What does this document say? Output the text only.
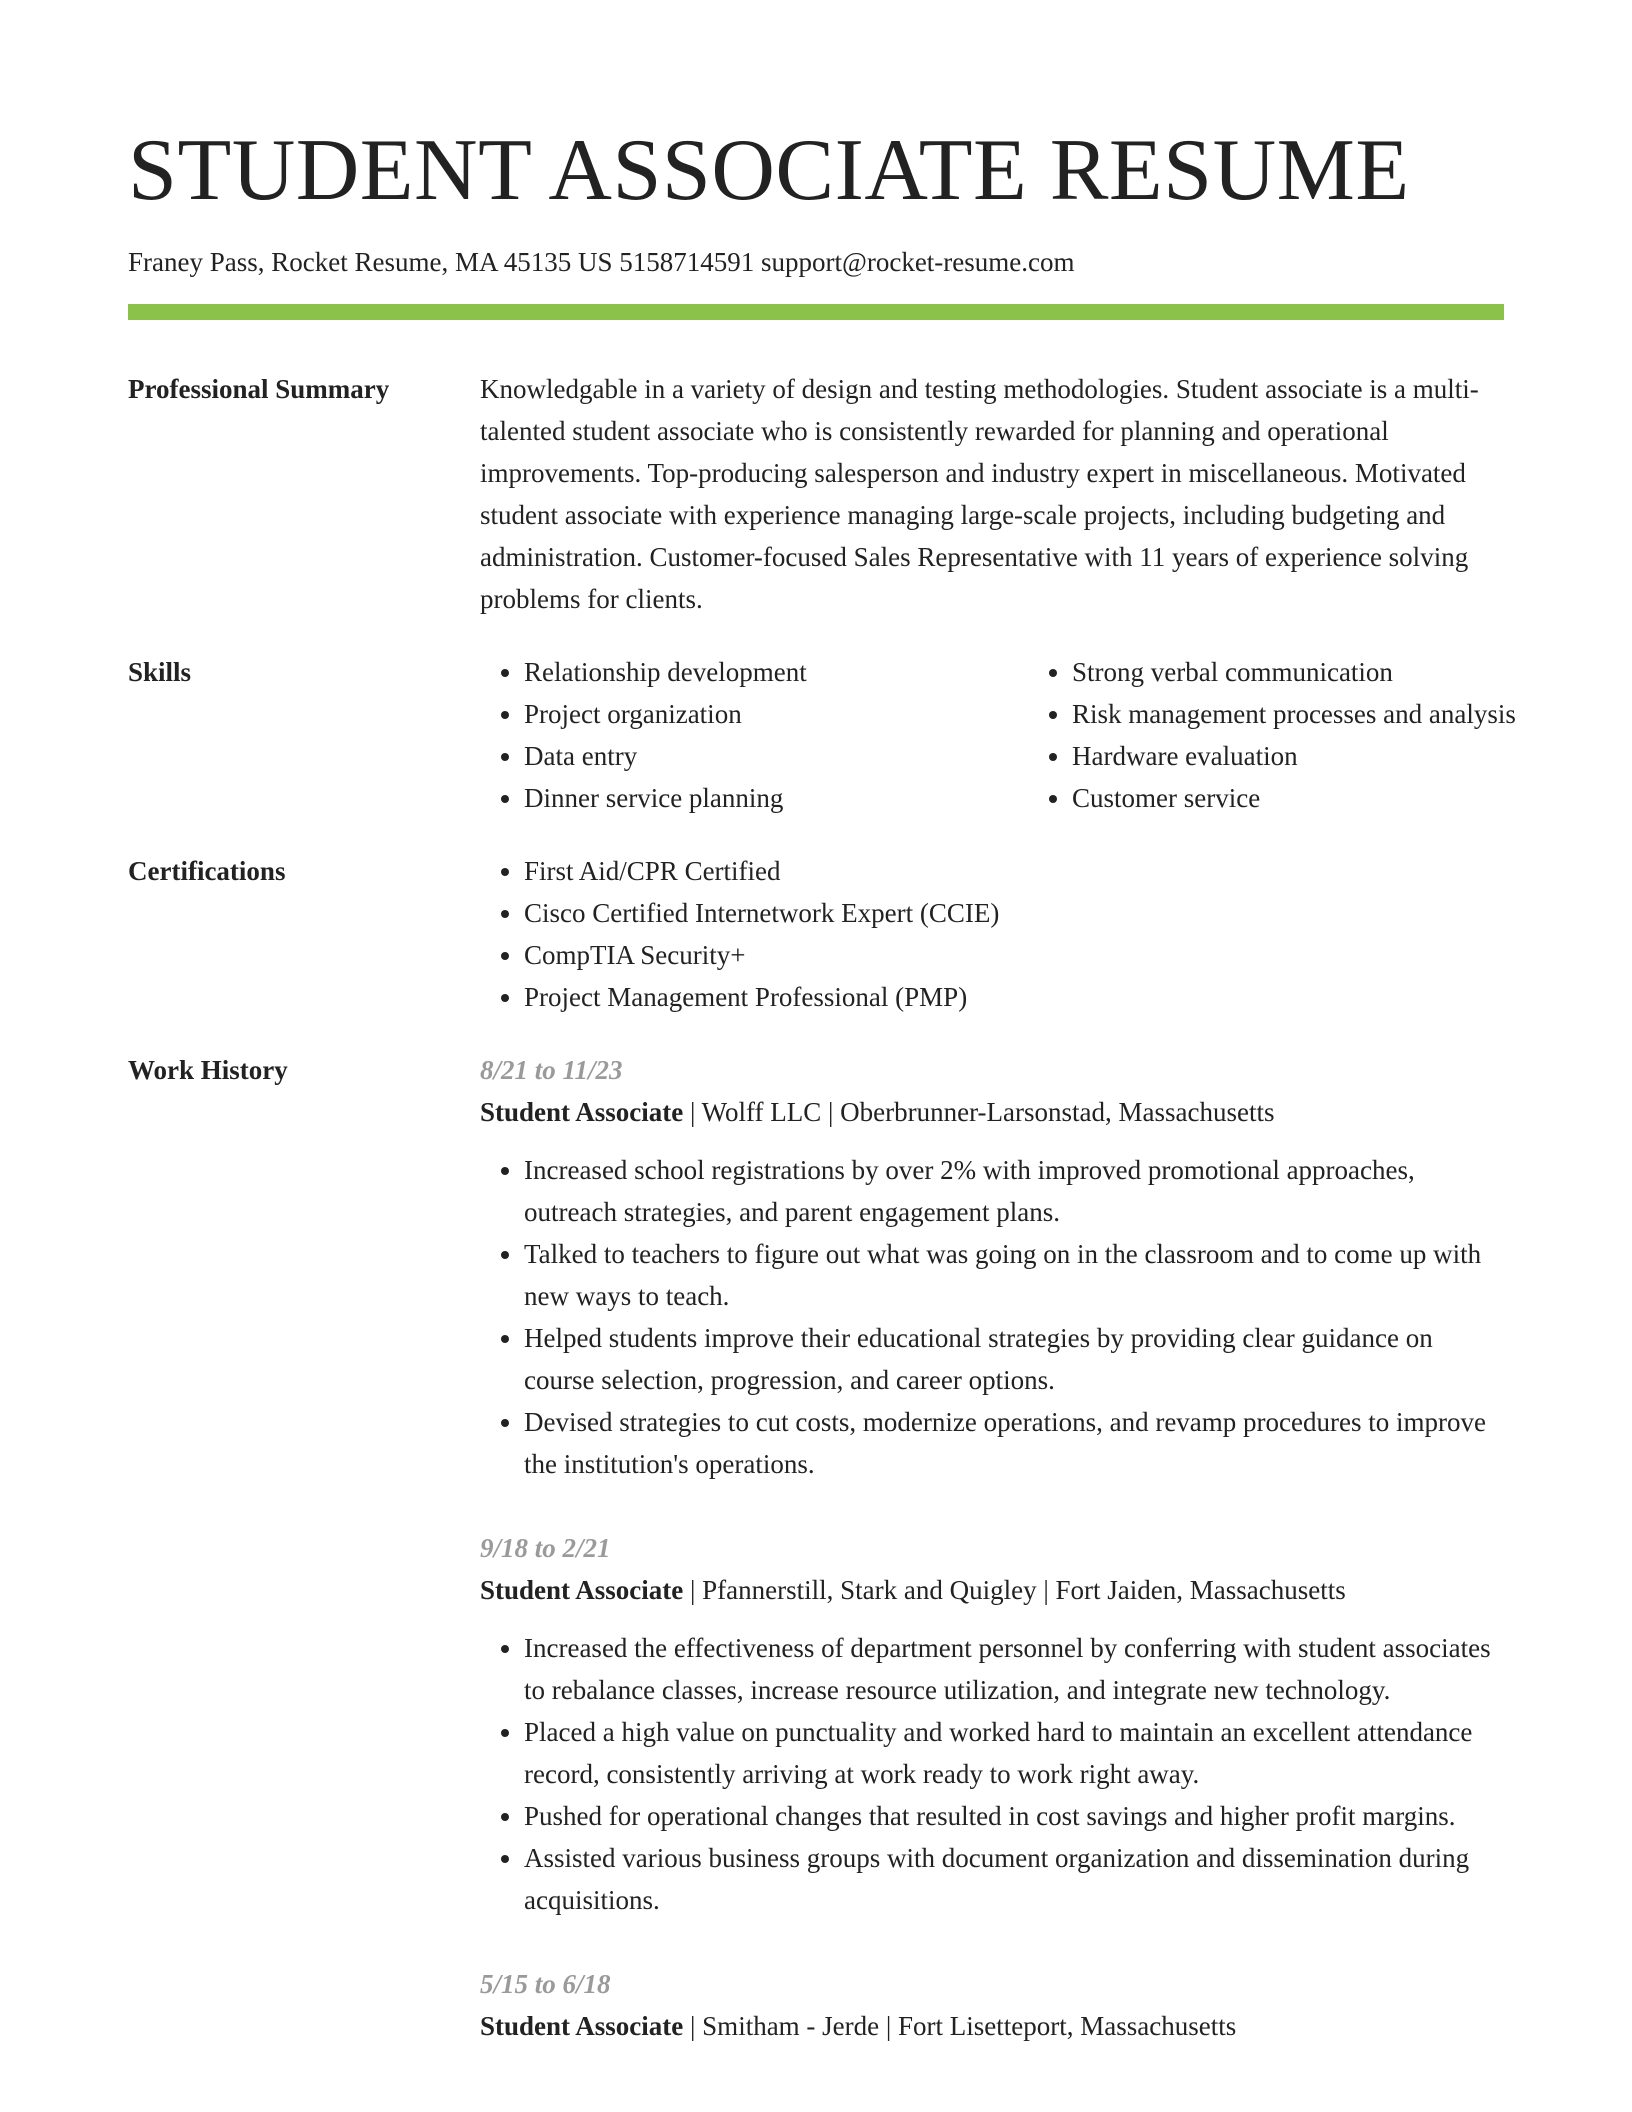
STUDENT ASSOCIATE RESUME
Franey Pass, Rocket Resume, MA 45135 US 5158714591 support@rocket-resume.com
Professional Summary	Knowledgable in a variety of design and testing methodologies. Student associate is a multi-talented student associate who is consistently rewarded for planning and operational improvements. Top-producing salesperson and industry expert in miscellaneous. Motivated student associate with experience managing large-scale projects, including budgeting and administration. Customer-focused Sales Representative with 11 years of experience solving problems for clients.

Skills	• Relationship development
• Project organization
• Data entry
• Dinner service planning
• Strong verbal communication
• Risk management processes and analysis
• Hardware evaluation
• Customer service
Certifications	• First Aid/CPR Certified
• Cisco Certified Internetwork Expert (CCIE)
• CompTIA Security+
• Project Management Professional (PMP)
Work History	8/21 to 11/23
Student Associate | Wolff LLC | Oberbrunner-Larsonstad, Massachusetts
• Increased school registrations by over 2% with improved promotional approaches, outreach strategies, and parent engagement plans.
• Talked to teachers to figure out what was going on in the classroom and to come up with new ways to teach.
• Helped students improve their educational strategies by providing clear guidance on course selection, progression, and career options.
• Devised strategies to cut costs, modernize operations, and revamp procedures to improve the institution's operations.
9/18 to 2/21
Student Associate | Pfannerstill, Stark and Quigley | Fort Jaiden, Massachusetts
• Increased the effectiveness of department personnel by conferring with student associates to rebalance classes, increase resource utilization, and integrate new technology.
• Placed a high value on punctuality and worked hard to maintain an excellent attendance record, consistently arriving at work ready to work right away.
• Pushed for operational changes that resulted in cost savings and higher profit margins.
• Assisted various business groups with document organization and dissemination during acquisitions.
5/15 to 6/18
Student Associate | Smitham - Jerde | Fort Lisetteport, Massachusetts
